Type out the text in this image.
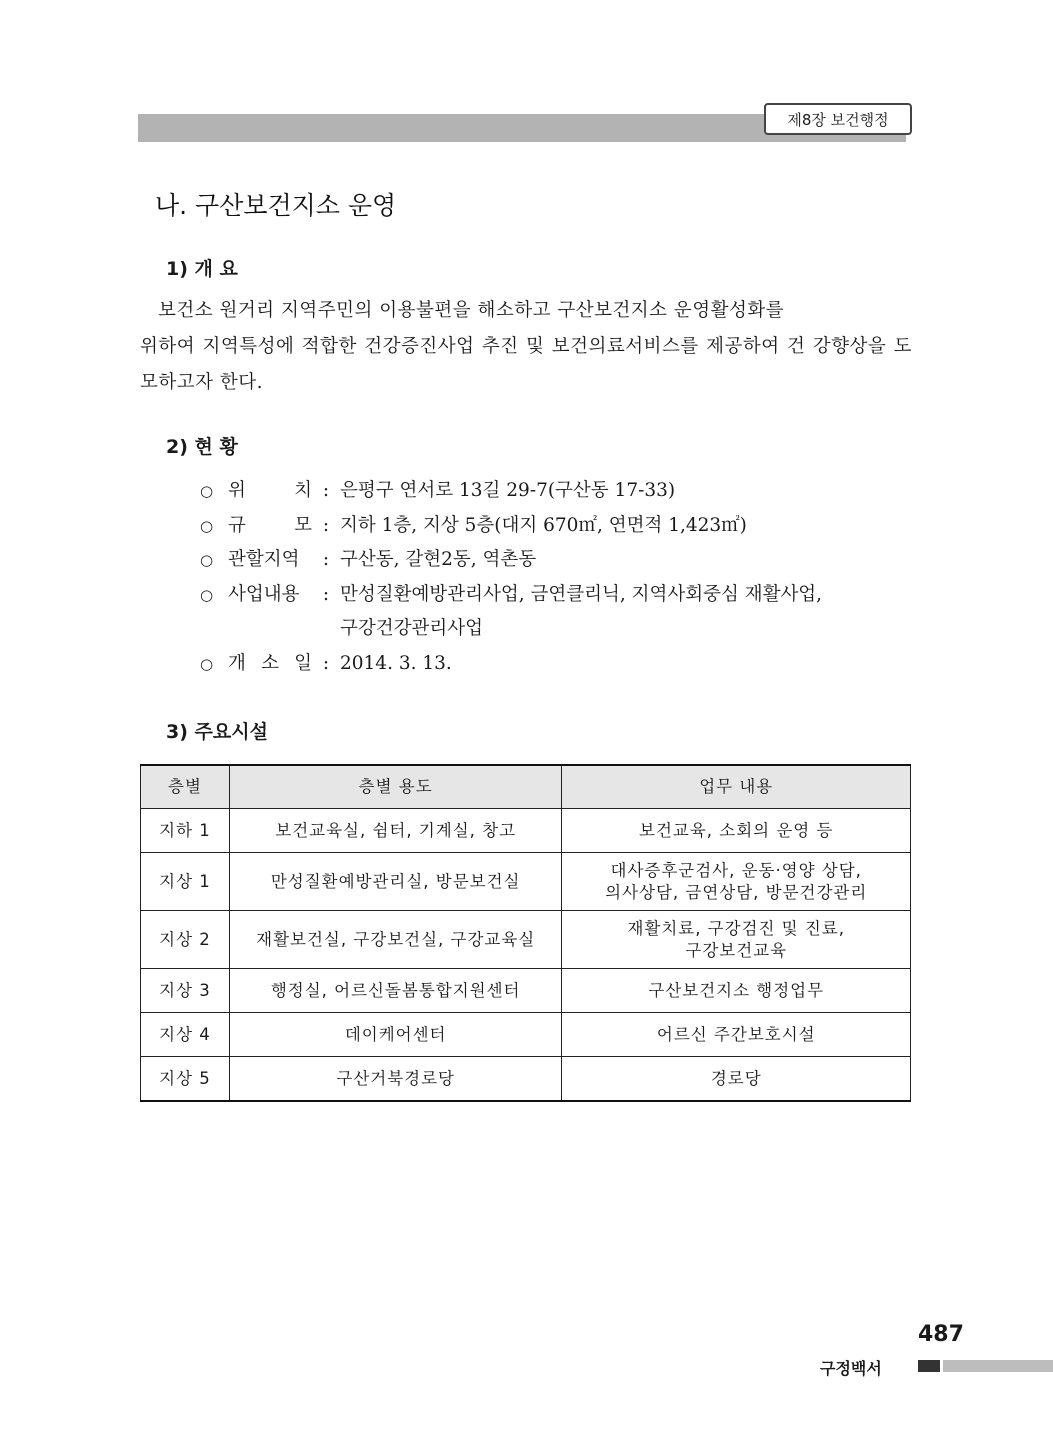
제8장 보건행정
나. 구산보건지소 운영
1) 개 요

보건소 원거리 지역주민의 이용불편을 해소하고 구산보건지소 운영활성화를
위하여 지역특성에 적합한 건강증진사업 추진 및 보건의료서비스를 제공하여 건 강향상을 도모하고자 한다.

2) 현 황
○ 위	치 : 은평구 연서로 13길 29-7(구산동 17-33)
○ 규	모 : 지하 1층, 지상 5층(대지 670㎡, 연면적 1,423㎡)
○ 관할지역	: 구산동, 갈현2동, 역촌동
○ 사업내용	: 만성질환예방관리사업, 금연클리닉, 지역사회중심 재활사업,
구강건강관리사업
○ 개 소 일 : 2014. 3. 13.
3) 주요시설
층별	층별 용도	업무 내용
지하 1	보건교육실, 쉼터, 기계실, 창고	보건교육, 소회의 운영 등
지상 1	만성질환예방관리실, 방문보건실	대사증후군검사, 운동·영양 상담,
의사상담, 금연상담, 방문건강관리
지상 2	재활보건실, 구강보건실, 구강교육실	재활치료, 구강검진 및 진료,
구강보건교육
지상 3	행정실, 어르신돌봄통합지원센터	구산보건지소 행정업무
지상 4	데이케어센터	어르신 주간보호시설
지상 5	구산거북경로당	경로당
487
구정백서
